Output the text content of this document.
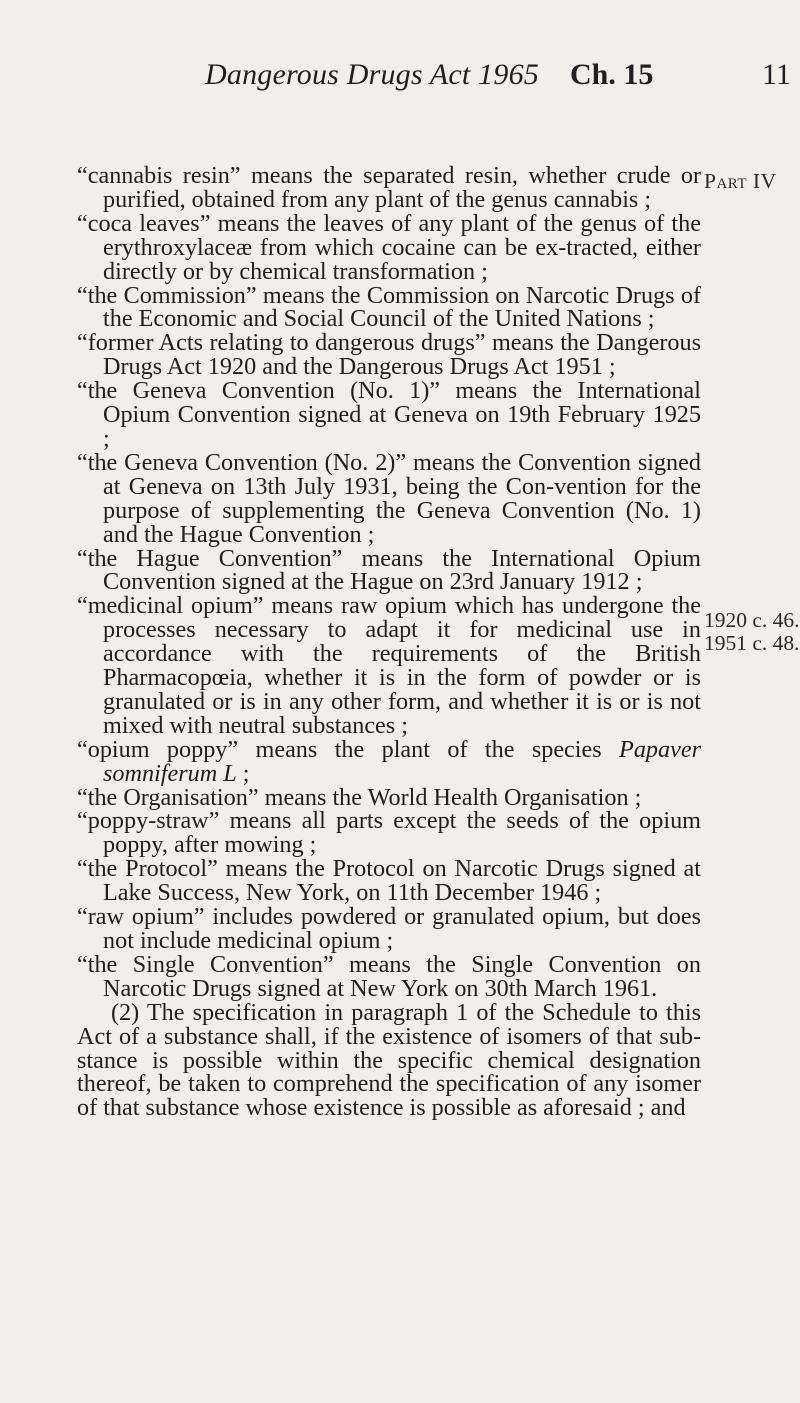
Dangerous Drugs Act 1965 Ch. 15	11
Part IV
1920 c. 46.
1951 c. 48.

“cannabis resin” means the separated resin, whether crude or purified, obtained from any plant of the genus cannabis ;

“coca leaves” means the leaves of any plant of the genus of the erythroxylaceæ from which cocaine can be ex-tracted, either directly or by chemical transformation ;

“the Commission” means the Commission on Narcotic Drugs of the Economic and Social Council of the United Nations ;

“former Acts relating to dangerous drugs” means the Dangerous Drugs Act 1920 and the Dangerous Drugs Act 1951 ;

“the Geneva Convention (No. 1)” means the International Opium Convention signed at Geneva on 19th February 1925 ;

“the Geneva Convention (No. 2)” means the Convention signed at Geneva on 13th July 1931, being the Con-vention for the purpose of supplementing the Geneva Convention (No. 1) and the Hague Convention ;

“the Hague Convention” means the International Opium Convention signed at the Hague on 23rd January 1912 ;

“medicinal opium” means raw opium which has undergone the processes necessary to adapt it for medicinal use in accordance with the requirements of the British Pharmacopœia, whether it is in the form of powder or is granulated or is in any other form, and whether it is or is not mixed with neutral substances ;

“opium poppy” means the plant of the species Papaver somniferum L ;

“the Organisation” means the World Health Organisation ;

“poppy-straw” means all parts except the seeds of the opium poppy, after mowing ;

“the Protocol” means the Protocol on Narcotic Drugs signed at Lake Success, New York, on 11th December 1946 ;

“raw opium” includes powdered or granulated opium, but does not include medicinal opium ;

“the Single Convention” means the Single Convention on Narcotic Drugs signed at New York on 30th March 1961.

(2) The specification in paragraph 1 of the Schedule to this Act of a substance shall, if the existence of isomers of that sub-stance is possible within the specific chemical designation thereof, be taken to comprehend the specification of any isomer of that substance whose existence is possible as aforesaid ; and
